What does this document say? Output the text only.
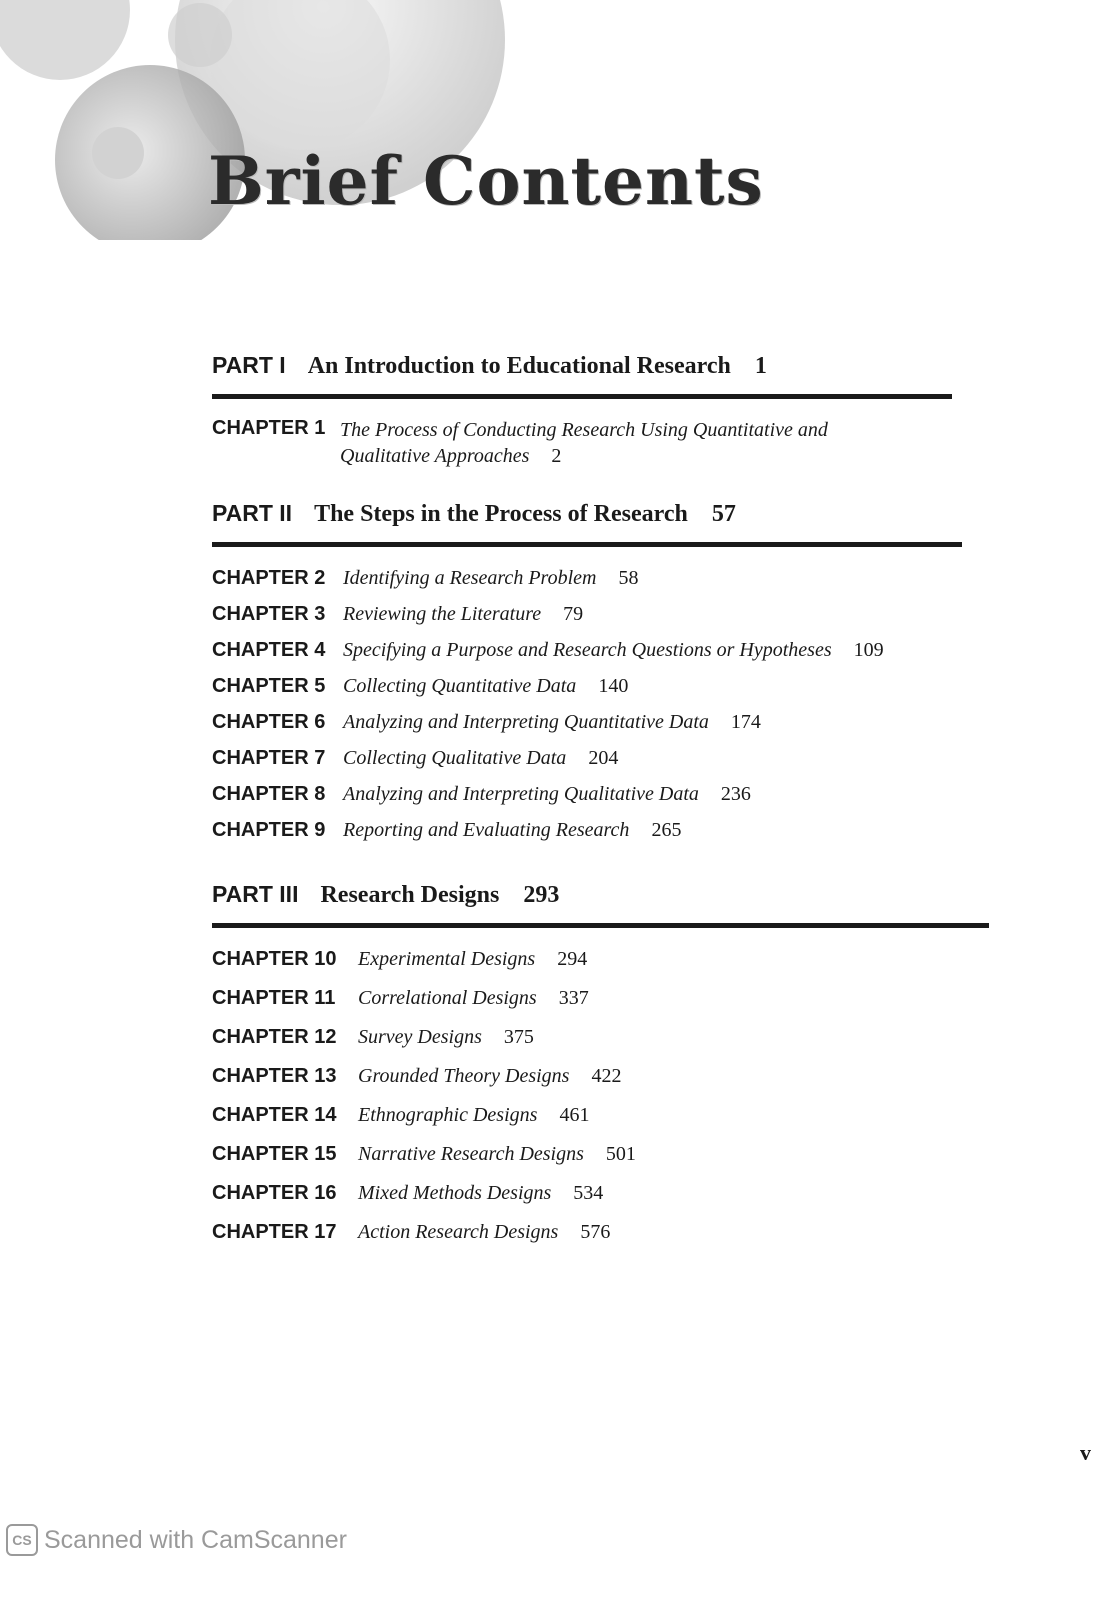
Brief Contents
PART I An Introduction to Educational Research 1
CHAPTER 1 The Process of Conducting Research Using Quantitative and
Qualitative Approaches 2
PART II The Steps in the Process of Research 57
CHAPTER 2 Identifying a Research Problem 58
CHAPTER 3 Reviewing the Literature 79
CHAPTER 4 Specifying a Purpose and Research Questions or Hypotheses 109
CHAPTER 5 Collecting Quantitative Data 140
CHAPTER 6 Analyzing and Interpreting Quantitative Data 174
CHAPTER 7 Collecting Qualitative Data 204
CHAPTER 8 Analyzing and Interpreting Qualitative Data 236
CHAPTER 9 Reporting and Evaluating Research 265
PART III Research Designs 293
CHAPTER 10	Experimental Designs 294
CHAPTER 11	Correlational Designs 337
CHAPTER 12	Survey Designs 375
CHAPTER 13	Grounded Theory Designs 422
CHAPTER 14	Ethnographic Designs 461
CHAPTER 15	Narrative Research Designs 501
CHAPTER 16	Mixed Methods Designs 534
CHAPTER 17	Action Research Designs 576
v
CS Scanned with CamScanner
